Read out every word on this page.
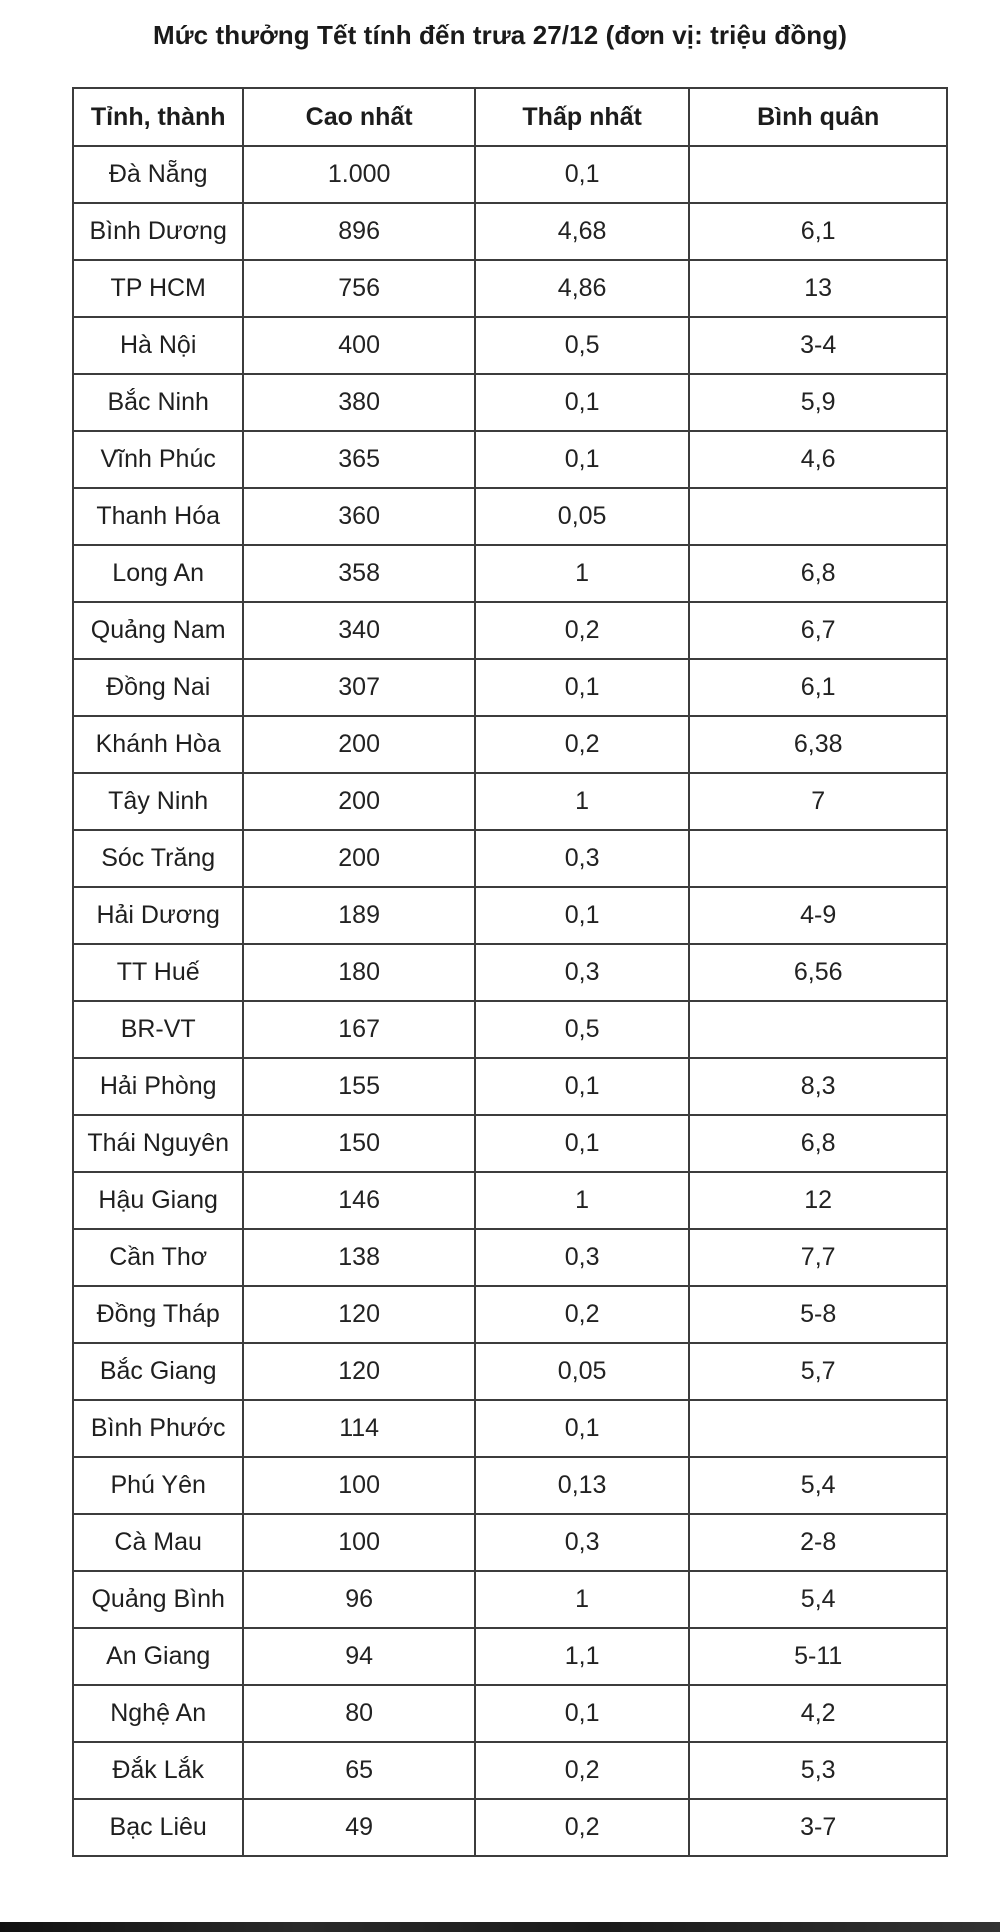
Mức thưởng Tết tính đến trưa 27/12 (đơn vị: triệu đồng)
Tỉnh, thành	Cao nhất	Thấp nhất	Bình quân
Đà Nẵng	1.000	0,1	
Bình Dương	896	4,68	6,1
TP HCM	756	4,86	13
Hà Nội	400	0,5	3-4
Bắc Ninh	380	0,1	5,9
Vĩnh Phúc	365	0,1	4,6
Thanh Hóa	360	0,05	
Long An	358	1	6,8
Quảng Nam	340	0,2	6,7
Đồng Nai	307	0,1	6,1
Khánh Hòa	200	0,2	6,38
Tây Ninh	200	1	7
Sóc Trăng	200	0,3	
Hải Dương	189	0,1	4-9
TT Huế	180	0,3	6,56
BR-VT	167	0,5	
Hải Phòng	155	0,1	8,3
Thái Nguyên	150	0,1	6,8
Hậu Giang	146	1	12
Cần Thơ	138	0,3	7,7
Đồng Tháp	120	0,2	5-8
Bắc Giang	120	0,05	5,7
Bình Phước	114	0,1	
Phú Yên	100	0,13	5,4
Cà Mau	100	0,3	2-8
Quảng Bình	96	1	5,4
An Giang	94	1,1	5-11
Nghệ An	80	0,1	4,2
Đắk Lắk	65	0,2	5,3
Bạc Liêu	49	0,2	3-7
